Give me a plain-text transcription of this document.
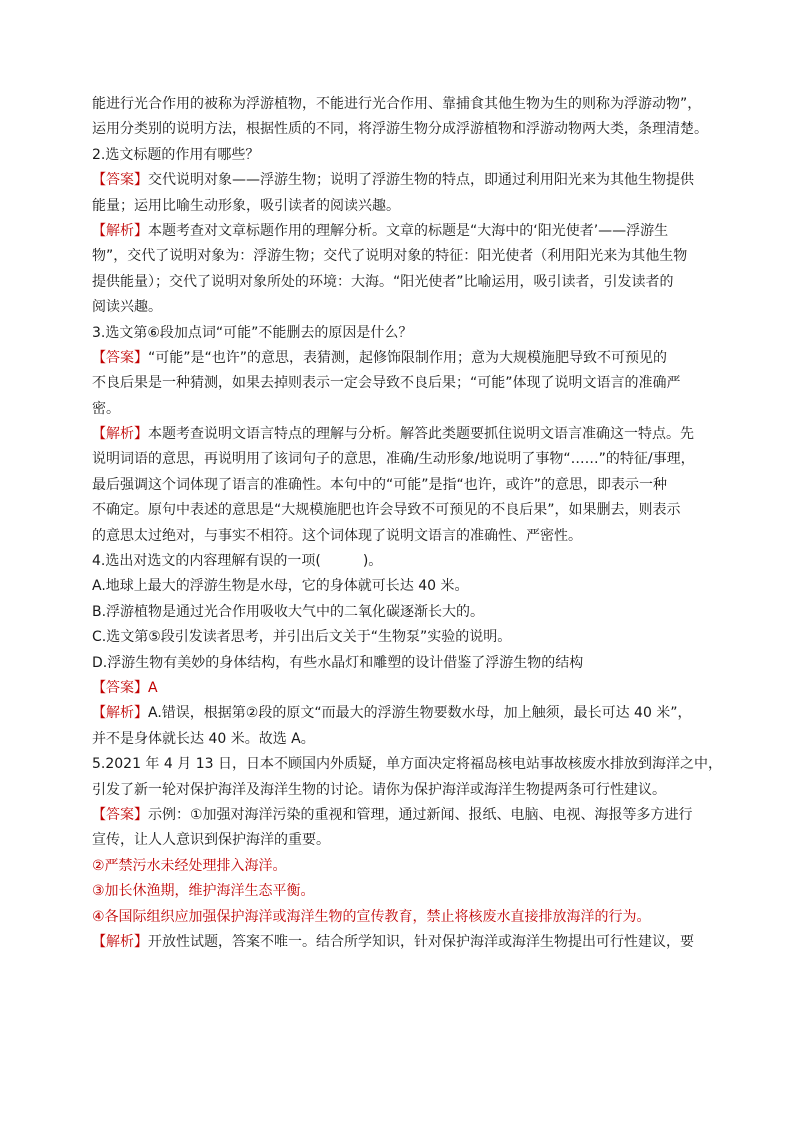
能进行光合作用的被称为浮游植物，不能进行光合作用、靠捕食其他生物为生的则称为浮游动物”，
运用分类别的说明方法，根据性质的不同，将浮游生物分成浮游植物和浮游动物两大类，条理清楚。
2.选文标题的作用有哪些？
【答案】交代说明对象——浮游生物；说明了浮游生物的特点，即通过利用阳光来为其他生物提供
能量；运用比喻生动形象，吸引读者的阅读兴趣。
【解析】本题考查对文章标题作用的理解分析。文章的标题是“大海中的‘阳光使者’——浮游生
物”，交代了说明对象为：浮游生物；交代了说明对象的特征：阳光使者（利用阳光来为其他生物
提供能量）；交代了说明对象所处的环境：大海。“阳光使者”比喻运用，吸引读者，引发读者的
阅读兴趣。
3.选文第⑥段加点词“可能”不能删去的原因是什么？
【答案】“可能”是“也许”的意思，表猜测，起修饰限制作用；意为大规模施肥导致不可预见的
不良后果是一种猜测，如果去掉则表示一定会导致不良后果；“可能”体现了说明文语言的准确严
密。
【解析】本题考查说明文语言特点的理解与分析。解答此类题要抓住说明文语言准确这一特点。先
说明词语的意思，再说明用了该词句子的意思，准确/生动形象/地说明了事物“……”的特征/事理，
最后强调这个词体现了语言的准确性。本句中的“可能”是指“也许，或许”的意思，即表示一种
不确定。原句中表述的意思是“大规模施肥也许会导致不可预见的不良后果”，如果删去，则表示
的意思太过绝对，与事实不相符。这个词体现了说明文语言的准确性、严密性。
4.选出对选文的内容理解有误的一项(　　　)。
A.地球上最大的浮游生物是水母，它的身体就可长达 40 米。
B.浮游植物是通过光合作用吸收大气中的二氧化碳逐渐长大的。
C.选文第⑤段引发读者思考，并引出后文关于“生物泵”实验的说明。
D.浮游生物有美妙的身体结构，有些水晶灯和雕塑的设计借鉴了浮游生物的结构
【答案】A
【解析】A.错误，根据第②段的原文“而最大的浮游生物要数水母，加上触须，最长可达 40 米”，
并不是身体就长达 40 米。故选 A。
5.2021 年 4 月 13 日，日本不顾国内外质疑，单方面决定将福岛核电站事故核废水排放到海洋之中，
引发了新一轮对保护海洋及海洋生物的讨论。请你为保护海洋或海洋生物提两条可行性建议。
【答案】示例：①加强对海洋污染的重视和管理，通过新闻、报纸、电脑、电视、海报等多方进行
宣传，让人人意识到保护海洋的重要。
②严禁污水未经处理排入海洋。
③加长休渔期，维护海洋生态平衡。
④各国际组织应加强保护海洋或海洋生物的宣传教育，禁止将核废水直接排放海洋的行为。
【解析】开放性试题，答案不唯一。结合所学知识，针对保护海洋或海洋生物提出可行性建议，要
